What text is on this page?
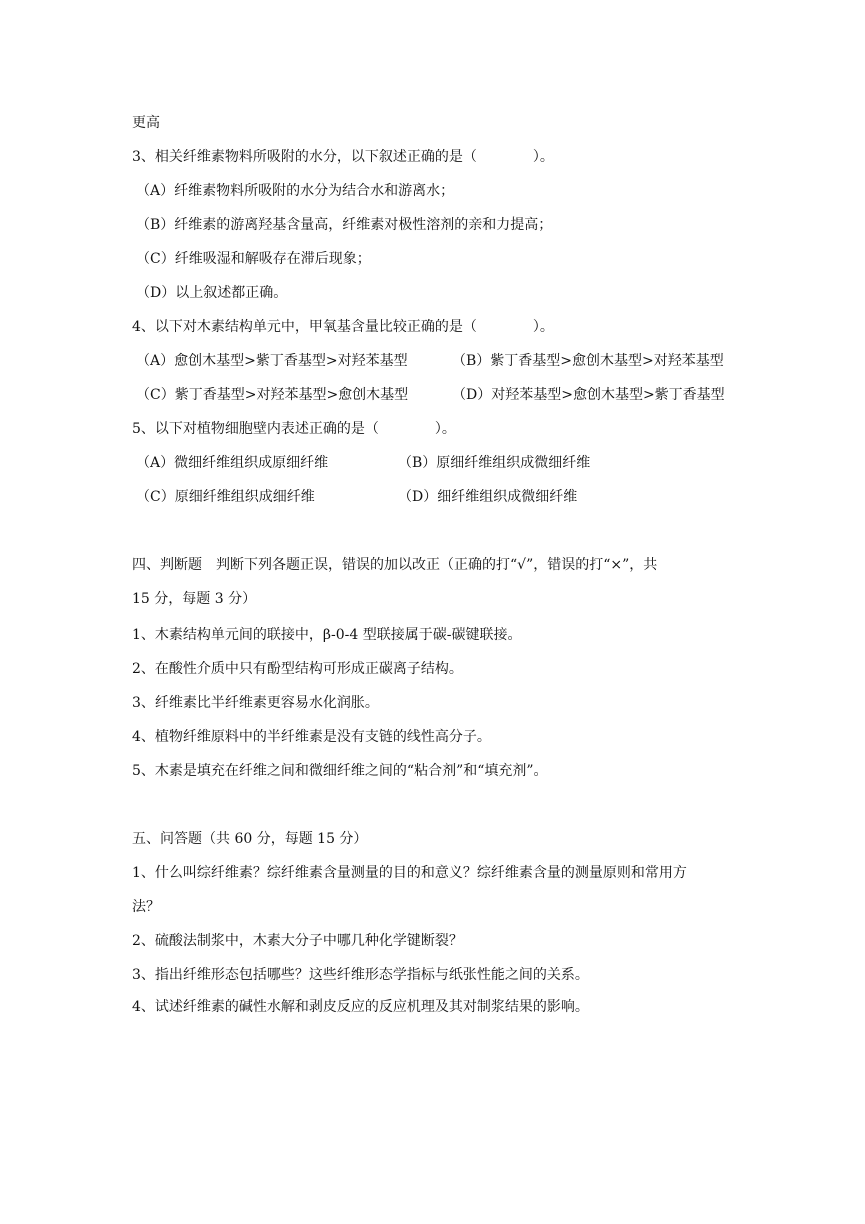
更高
3、相关纤维素物料所吸附的水分，以下叙述正确的是（　　　　）。
（A）纤维素物料所吸附的水分为结合水和游离水；
（B）纤维素的游离羟基含量高，纤维素对极性溶剂的亲和力提高；
（C）纤维吸湿和解吸存在滞后现象；
（D）以上叙述都正确。
4、以下对木素结构单元中，甲氧基含量比较正确的是（　　　　）。
（A）愈创木基型>紫丁香基型>对羟苯基型	（B）紫丁香基型>愈创木基型>对羟苯基型
（C）紫丁香基型>对羟苯基型>愈创木基型	（D）对羟苯基型>愈创木基型>紫丁香基型
5、以下对植物细胞壁内表述正确的是（　　　　）。
（A）微细纤维组织成原细纤维	（B）原细纤维组织成微细纤维
（C）原细纤维组织成细纤维	（D）细纤维组织成微细纤维
四、判断题　判断下列各题正误，错误的加以改正（正确的打“√”，错误的打“×”，共
15 分，每题 3 分）
1、木素结构单元间的联接中，β-0-4 型联接属于碳-碳键联接。
2、在酸性介质中只有酚型结构可形成正碳离子结构。
3、纤维素比半纤维素更容易水化润胀。
4、植物纤维原料中的半纤维素是没有支链的线性高分子。
5、木素是填充在纤维之间和微细纤维之间的“粘合剂”和“填充剂”。
五、问答题（共 60 分，每题 15 分）
1、什么叫综纤维素？综纤维素含量测量的目的和意义？综纤维素含量的测量原则和常用方
法？
2、硫酸法制浆中，木素大分子中哪几种化学键断裂？
3、指出纤维形态包括哪些？这些纤维形态学指标与纸张性能之间的关系。
4、试述纤维素的碱性水解和剥皮反应的反应机理及其对制浆结果的影响。
